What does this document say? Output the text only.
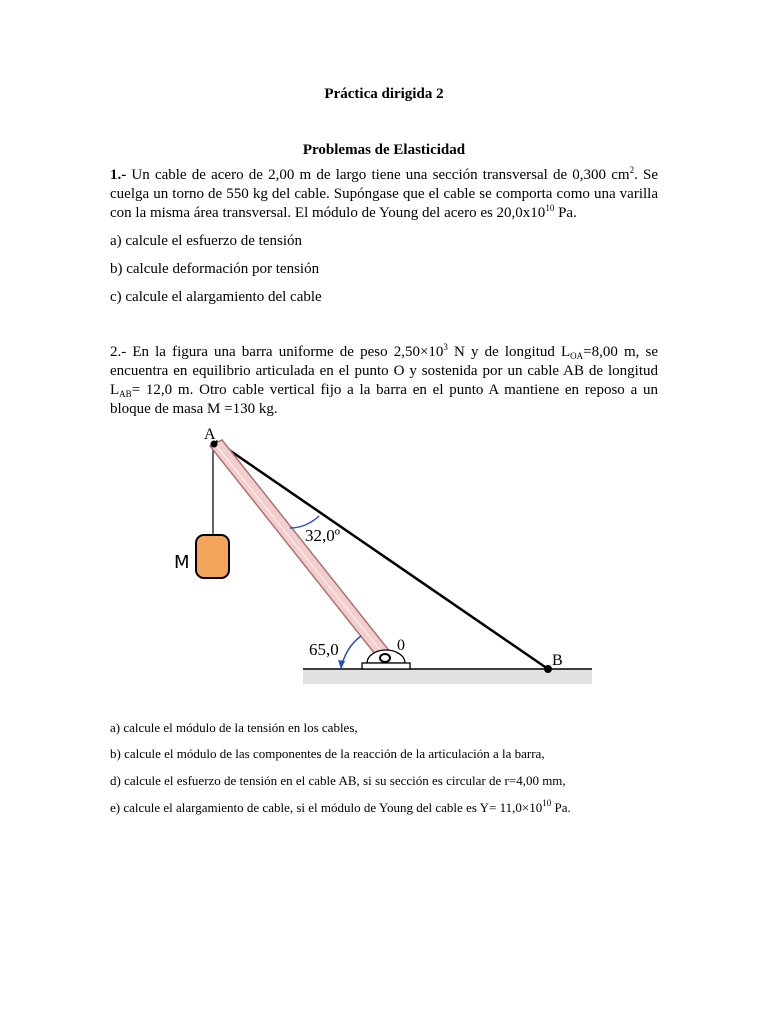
Práctica dirigida 2
Problemas de Elasticidad

1.- Un cable de acero de 2,00 m de largo tiene una sección transversal de 0,300 $cm^2$. Se cuelga un torno de 550 kg del cable. Supóngase que el cable se comporta como una varilla con la misma área transversal. El módulo de Young del acero es $20,0x10^{10}$ Pa.

a) calcule el esfuerzo de tensión

b) calcule deformación por tensión

c) calcule el alargamiento del cable

2.- En la figura una barra uniforme de peso $2,50\times 10^3$ N y de longitud $L_{OA}=8,00$ m, se encuentra en equilibrio articulada en el punto O y sostenida por un cable AB de longitud $L_{AB}= 12,0$ m. Otro cable vertical fijo a la barra en el punto A mantiene en reposo a un bloque de masa M =130 kg.

A
M
32,0º
65,0	0
B

a) calcule el módulo de la tensión en los cables,

b) calcule el módulo de las componentes de la reacción de la articulación a la barra,

d) calcule el esfuerzo de tensión en el cable AB, si su sección es circular de r=4,00 mm,

e) calcule el alargamiento de cable, si el módulo de Young del cable es $Y= 11,0\times 10^{10}$ Pa.
